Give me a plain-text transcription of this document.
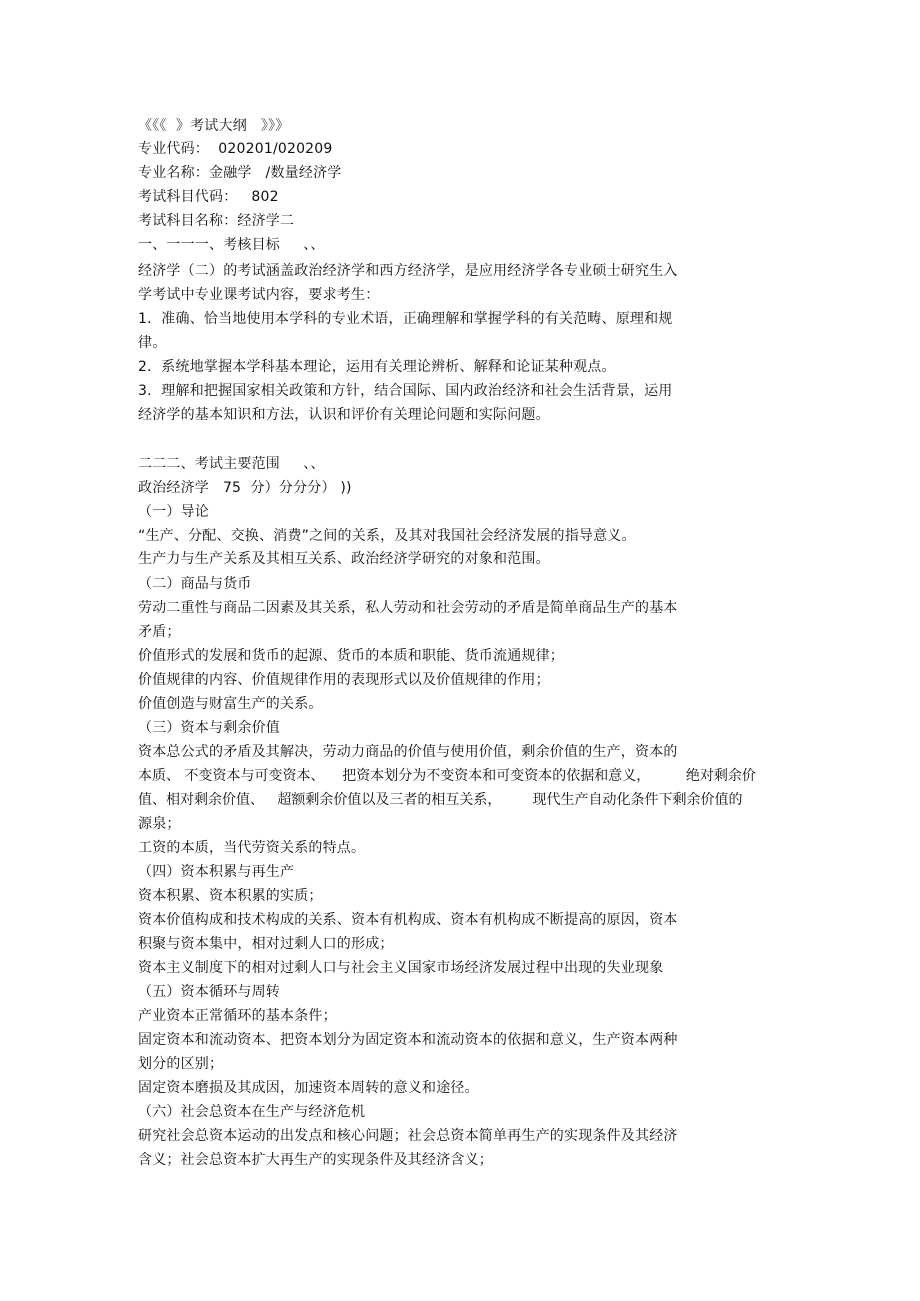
《《《  》考试大纲   》》》
专业代码：  020201/020209
专业名称：金融学   /数量经济学
考试科目代码：   802
考试科目名称：经济学二
一、一一一、考核目标     、、
经济学（二）的考试涵盖政治经济学和西方经济学，是应用经济学各专业硕士研究生入
学考试中专业课考试内容，要求考生：
1．准确、恰当地使用本学科的专业术语，正确理解和掌握学科的有关范畴、原理和规
律。
2．系统地掌握本学科基本理论，运用有关理论辨析、解释和论证某种观点。
3．理解和把握国家相关政策和方针，结合国际、国内政治经济和社会生活背景，运用
经济学的基本知识和方法，认识和评价有关理论问题和实际问题。
二二二、考试主要范围     、、
政治经济学   75  分）分分分） ))
（一）导论
“生产、分配、交换、消费”之间的关系，及其对我国社会经济发展的指导意义。
生产力与生产关系及其相互关系、政治经济学研究的对象和范围。
（二）商品与货币
劳动二重性与商品二因素及其关系，私人劳动和社会劳动的矛盾是简单商品生产的基本
矛盾；
价值形式的发展和货币的起源、货币的本质和职能、货币流通规律；
价值规律的内容、价值规律作用的表现形式以及价值规律的作用；
价值创造与财富生产的关系。
（三）资本与剩余价值
资本总公式的矛盾及其解决，劳动力商品的价值与使用价值，剩余价值的生产，资本的
本质、 不变资本与可变资本、    把资本划分为不变资本和可变资本的依据和意义，        绝对剩余价
值、相对剩余价值、   超额剩余价值以及三者的相互关系，       现代生产自动化条件下剩余价值的
源泉；
工资的本质，当代劳资关系的特点。
（四）资本积累与再生产
资本积累、资本积累的实质；
资本价值构成和技术构成的关系、资本有机构成、资本有机构成不断提高的原因，资本
积聚与资本集中，相对过剩人口的形成；
资本主义制度下的相对过剩人口与社会主义国家市场经济发展过程中出现的失业现象
（五）资本循环与周转
产业资本正常循环的基本条件；
固定资本和流动资本、把资本划分为固定资本和流动资本的依据和意义，生产资本两种
划分的区别；
固定资本磨损及其成因，加速资本周转的意义和途径。
（六）社会总资本在生产与经济危机
研究社会总资本运动的出发点和核心问题；社会总资本简单再生产的实现条件及其经济
含义；社会总资本扩大再生产的实现条件及其经济含义；
